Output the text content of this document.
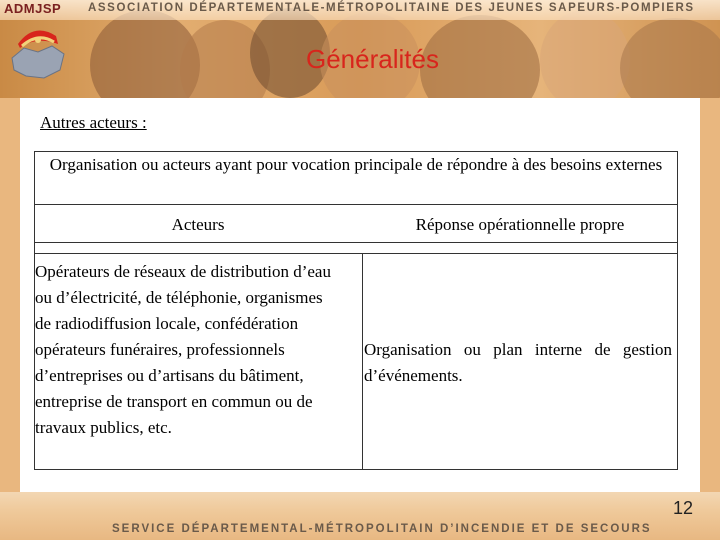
ADMJSP ASSOCIATION DÉPARTEMENTALE-MÉTROPOLITAINE DES JEUNES SAPEURS-POMPIERS
Généralités
Autres acteurs :
Organisation ou acteurs ayant pour vocation principale de répondre à des besoins externes
Acteurs	Réponse opérationnelle propre
Opérateurs de réseaux de distribution d’eau ou d’électricité, de téléphonie, organismes de radiodiffusion locale, confédération opérateurs funéraires, professionnels d’entreprises ou d’artisans du bâtiment, entreprise de transport en commun ou de travaux publics, etc.
Organisation ou plan interne de gestion d’événements.
12
SERVICE DÉPARTEMENTAL-MÉTROPOLITAIN D’INCENDIE ET DE SECOURS
